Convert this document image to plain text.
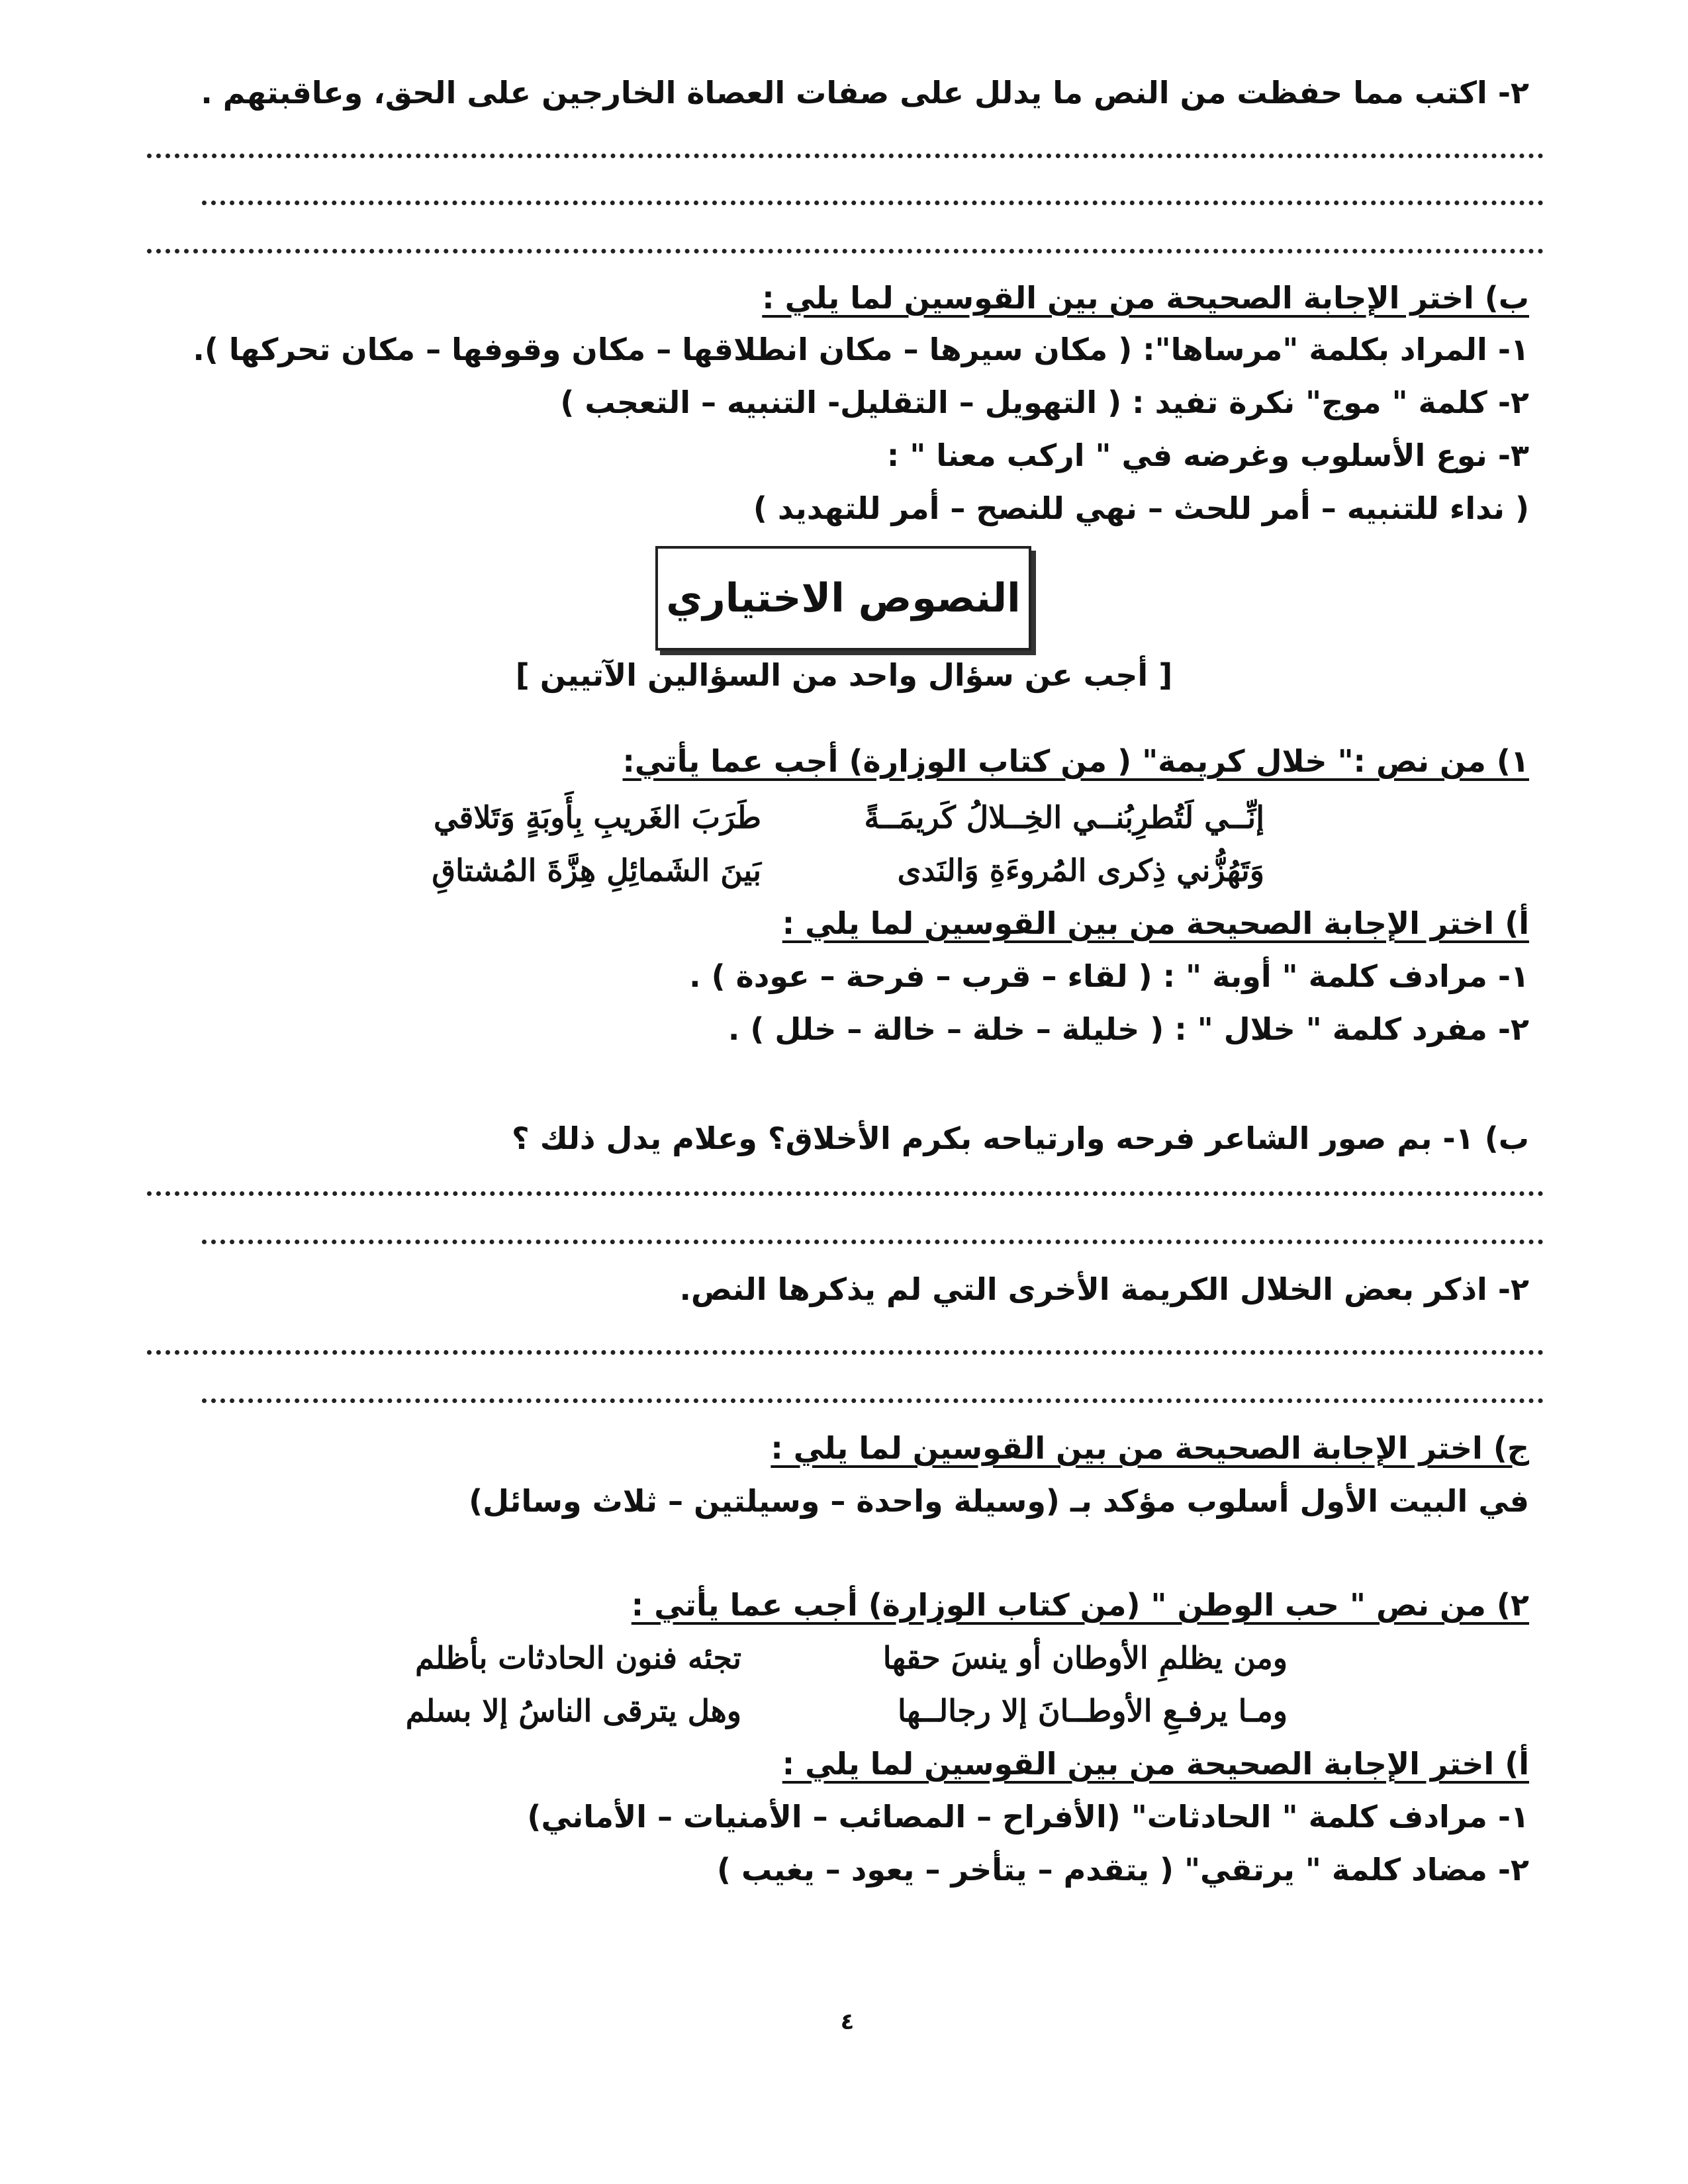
٢- اكتب مما حفظت من النص ما يدلل على صفات العصاة الخارجين على الحق، وعاقبتهم .
ب) اختر الإجابة الصحيحة من بين القوسين لما يلي :
١- المراد بكلمة "مرساها": ( مكان سيرها – مكان انطلاقها – مكان وقوفها – مكان تحركها ).
٢- كلمة " موج" نكرة تفيد : ( التهويل – التقليل- التنبيه – التعجب )
٣- نوع الأسلوب وغرضه في " اركب معنا " :
( نداء للتنبيه – أمر للحث – نهي للنصح – أمر للتهديد )
النصوص الاختياري
[ أجب عن سؤال واحد من السؤالين الآتيين ]
١) من نص :" خلال كريمة" ( من كتاب الوزارة) أجب عما يأتي:
إنِّــي لَتُطرِبُنــي الخِــلالُ كَريمَــةً
طَرَبَ الغَريبِ بِأَوبَةٍ وَتَلاقي
وَتَهُزُّني ذِكرى المُروءَةِ وَالنَدى
بَينَ الشَمائِلِ هِزَّةَ المُشتاقِ
أ) اختر الإجابة الصحيحة من بين القوسين لما يلي :
١- مرادف كلمة " أوبة " : ( لقاء – قرب – فرحة – عودة ) .
٢- مفرد كلمة " خلال " : ( خليلة – خلة – خالة – خلل ) .
ب) ١- بم صور الشاعر فرحه وارتياحه بكرم الأخلاق؟ وعلام يدل ذلك ؟
٢- اذكر بعض الخلال الكريمة الأخرى التي لم يذكرها النص.
ج) اختر الإجابة الصحيحة من بين القوسين لما يلي :
في البيت الأول أسلوب مؤكد بـ (وسيلة واحدة – وسيلتين – ثلاث وسائل)
٢) من نص " حب الوطن " (من كتاب الوزارة) أجب عما يأتي :
ومن يظلمِ الأوطان أو ينسَ حقها
تجئه فنون الحادثات بأظلم
ومـا يرفـعِ الأوطــانَ إلا رجالــها
وهل يترقى الناسُ إلا بسلم
أ) اختر الإجابة الصحيحة من بين القوسين لما يلي :
١- مرادف كلمة " الحادثات" (الأفراح – المصائب – الأمنيات – الأماني)
٢- مضاد كلمة " يرتقي" ( يتقدم – يتأخر – يعود – يغيب )
٤
